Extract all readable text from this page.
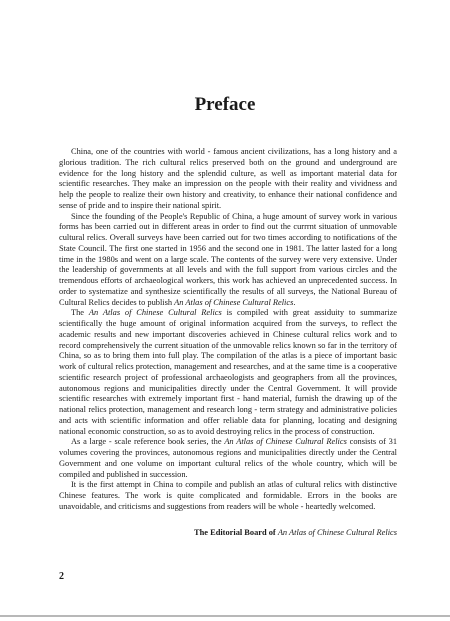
Preface

China, one of the countries with world - famous ancient civilizations, has a long history and a glorious tradition. The rich cultural relics preserved both on the ground and underground are evidence for the long history and the splendid culture, as well as important material data for scientific researches. They make an impression on the people with their reality and vividness and help the people to realize their own history and creativity, to enhance their national confidence and sense of pride and to inspire their national spirit.

Since the founding of the People's Republic of China, a huge amount of survey work in various forms has been carried out in different areas in order to find out the currrnt situation of unmovable cultural relics. Overall surveys have been carried out for two times according to notifications of the State Council. The first one started in 1956 and the second one in 1981. The latter lasted for a long time in the 1980s and went on a large scale. The contents of the survey were very extensive. Under the leadership of governments at all levels and with the full support from various circles and the tremendous efforts of archaeological workers, this work has achieved an unprecedented success. In order to systematize and synthesize scientifically the results of all surveys, the National Bureau of Cultural Relics decides to publish An Atlas of Chinese Cultural Relics.

The An Atlas of Chinese Cultural Relics is compiled with great assiduity to summarize scientifically the huge amount of original information acquired from the surveys, to reflect the academic results and new important discoveries achieved in Chinese cultural relics work and to record comprehensively the current situation of the unmovable relics known so far in the territory of China, so as to bring them into full play. The compilation of the atlas is a piece of important basic work of cultural relics protection, management and researches, and at the same time is a cooperative scientific research project of professional archaeologists and geographers from all the provinces, autonomous regions and municipalities directly under the Central Government. It will provide scientific researches with extremely important first - hand material, furnish the drawing up of the national relics protection, management and research long - term strategy and administrative policies and acts with scientific information and offer reliable data for planning, locating and designing national economic construction, so as to avoid destroying relics in the process of construction.

As a large - scale reference book series, the An Atlas of Chinese Cultural Relics consists of 31 volumes covering the provinces, autonomous regions and municipalities directly under the Central Government and one volume on important cultural relics of the whole country, which will be compiled and published in succession.

It is the first attempt in China to compile and publish an atlas of cultural relics with distinctive Chinese features. The work is quite complicated and formidable. Errors in the books are unavoidable, and criticisms and suggestions from readers will be whole - heartedly welcomed.

The Editorial Board of An Atlas of Chinese Cultural Relics
2
